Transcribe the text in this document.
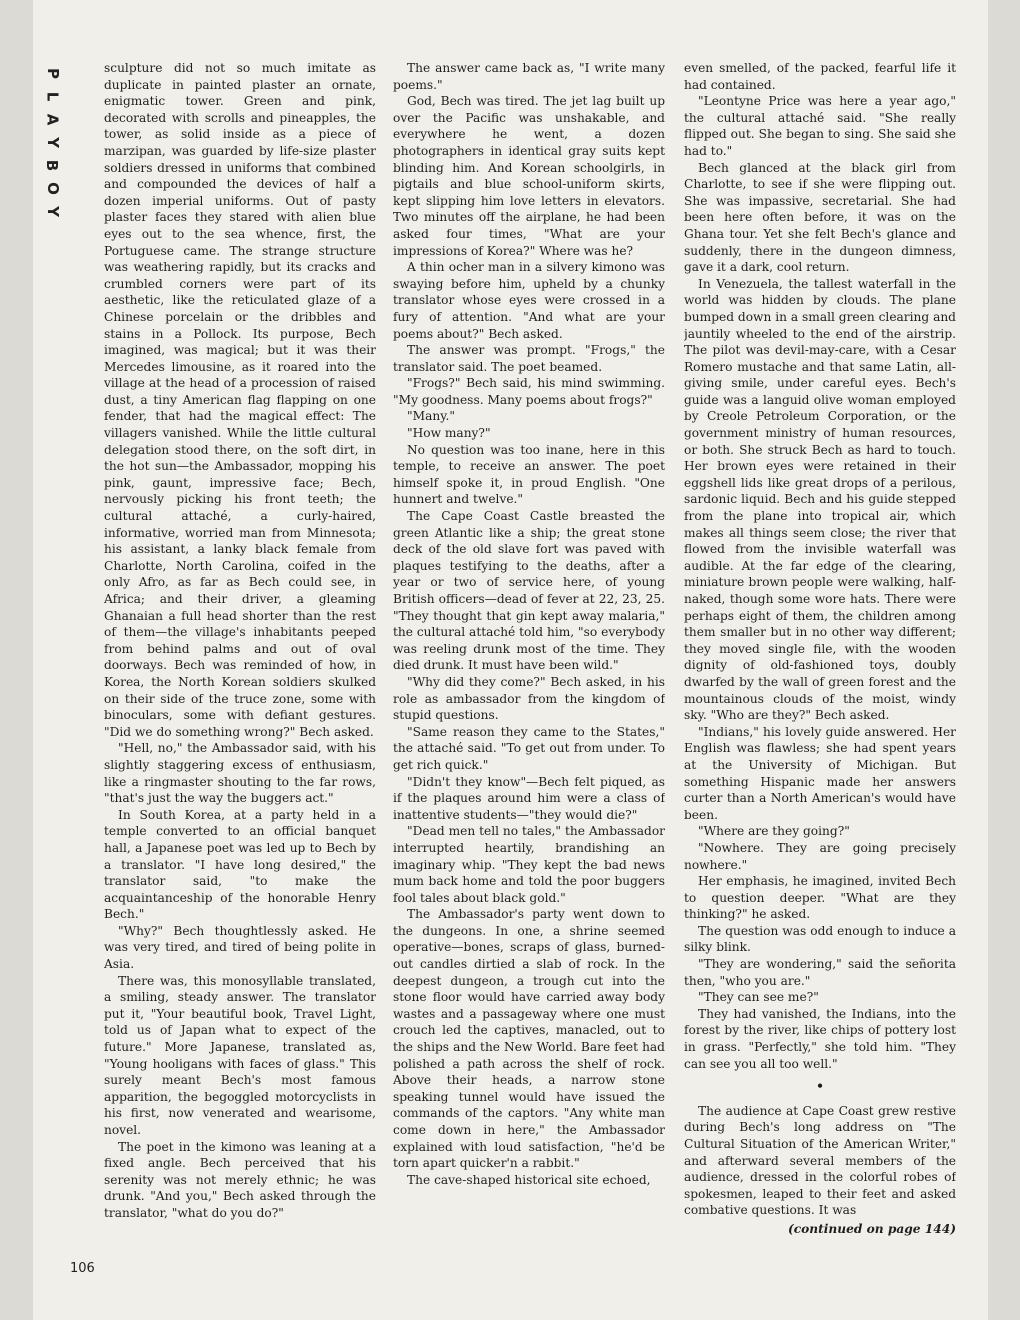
P
L
A
Y
B
O
Y
106

sculpture did not so much imitate as duplicate in painted plaster an ornate, enigmatic tower. Green and pink, decorated with scrolls and pineapples, the tower, as solid inside as a piece of marzipan, was guarded by life-size plaster soldiers dressed in uniforms that combined and compounded the devices of half a dozen imperial uniforms. Out of pasty plaster faces they stared with alien blue eyes out to the sea whence, first, the Portuguese came. The strange structure was weathering rapidly, but its cracks and crumbled corners were part of its aesthetic, like the reticulated glaze of a Chinese porcelain or the dribbles and stains in a Pollock. Its purpose, Bech imagined, was magical; but it was their Mercedes limousine, as it roared into the village at the head of a procession of raised dust, a tiny American flag flapping on one fender, that had the magical effect: The villagers vanished. While the little cultural delegation stood there, on the soft dirt, in the hot sun—the Ambassador, mopping his pink, gaunt, impressive face; Bech, nervously picking his front teeth; the cultural attaché, a curly-haired, informative, worried man from Minnesota; his assistant, a lanky black female from Charlotte, North Carolina, coifed in the only Afro, as far as Bech could see, in Africa; and their driver, a gleaming Ghanaian a full head shorter than the rest of them—the village's inhabitants peeped from behind palms and out of oval doorways. Bech was reminded of how, in Korea, the North Korean soldiers skulked on their side of the truce zone, some with binoculars, some with defiant gestures. "Did we do something wrong?" Bech asked.

"Hell, no," the Ambassador said, with his slightly staggering excess of enthusiasm, like a ringmaster shouting to the far rows, "that's just the way the buggers act."

In South Korea, at a party held in a temple converted to an official banquet hall, a Japanese poet was led up to Bech by a translator. "I have long desired," the translator said, "to make the acquaintanceship of the honorable Henry Bech."

"Why?" Bech thoughtlessly asked. He was very tired, and tired of being polite in Asia.

There was, this monosyllable translated, a smiling, steady answer. The translator put it, "Your beautiful book, Travel Light, told us of Japan what to expect of the future." More Japanese, translated as, "Young hooligans with faces of glass." This surely meant Bech's most famous apparition, the begoggled motorcyclists in his first, now venerated and wearisome, novel.

The poet in the kimono was leaning at a fixed angle. Bech perceived that his serenity was not merely ethnic; he was drunk. "And you," Bech asked through the translator, "what do you do?"

The answer came back as, "I write many poems."

God, Bech was tired. The jet lag built up over the Pacific was unshakable, and everywhere he went, a dozen photographers in identical gray suits kept blinding him. And Korean schoolgirls, in pigtails and blue school-uniform skirts, kept slipping him love letters in elevators. Two minutes off the airplane, he had been asked four times, "What are your impressions of Korea?" Where was he?

A thin ocher man in a silvery kimono was swaying before him, upheld by a chunky translator whose eyes were crossed in a fury of attention. "And what are your poems about?" Bech asked.

The answer was prompt. "Frogs," the translator said. The poet beamed.

"Frogs?" Bech said, his mind swimming. "My goodness. Many poems about frogs?"

"Many."

"How many?"

No question was too inane, here in this temple, to receive an answer. The poet himself spoke it, in proud English. "One hunnert and twelve."

The Cape Coast Castle breasted the green Atlantic like a ship; the great stone deck of the old slave fort was paved with plaques testifying to the deaths, after a year or two of service here, of young British officers—dead of fever at 22, 23, 25. "They thought that gin kept away malaria," the cultural attaché told him, "so everybody was reeling drunk most of the time. They died drunk. It must have been wild."

"Why did they come?" Bech asked, in his role as ambassador from the kingdom of stupid questions.

"Same reason they came to the States," the attaché said. "To get out from under. To get rich quick."

"Didn't they know"—Bech felt piqued, as if the plaques around him were a class of inattentive students—"they would die?"

"Dead men tell no tales," the Ambassador interrupted heartily, brandishing an imaginary whip. "They kept the bad news mum back home and told the poor buggers fool tales about black gold."

The Ambassador's party went down to the dungeons. In one, a shrine seemed operative—bones, scraps of glass, burned-out candles dirtied a slab of rock. In the deepest dungeon, a trough cut into the stone floor would have carried away body wastes and a passageway where one must crouch led the captives, manacled, out to the ships and the New World. Bare feet had polished a path across the shelf of rock. Above their heads, a narrow stone speaking tunnel would have issued the commands of the captors. "Any white man come down in here," the Ambassador explained with loud satisfaction, "he'd be torn apart quicker'n a rabbit."

The cave-shaped historical site echoed,

even smelled, of the packed, fearful life it had contained.

"Leontyne Price was here a year ago," the cultural attaché said. "She really flipped out. She began to sing. She said she had to."

Bech glanced at the black girl from Charlotte, to see if she were flipping out. She was impassive, secretarial. She had been here often before, it was on the Ghana tour. Yet she felt Bech's glance and suddenly, there in the dungeon dimness, gave it a dark, cool return.

In Venezuela, the tallest waterfall in the world was hidden by clouds. The plane bumped down in a small green clearing and jauntily wheeled to the end of the airstrip. The pilot was devil-may-care, with a Cesar Romero mustache and that same Latin, all-giving smile, under careful eyes. Bech's guide was a languid olive woman employed by Creole Petroleum Corporation, or the government ministry of human resources, or both. She struck Bech as hard to touch. Her brown eyes were retained in their eggshell lids like great drops of a perilous, sardonic liquid. Bech and his guide stepped from the plane into tropical air, which makes all things seem close; the river that flowed from the invisible waterfall was audible. At the far edge of the clearing, miniature brown people were walking, half-naked, though some wore hats. There were perhaps eight of them, the children among them smaller but in no other way different; they moved single file, with the wooden dignity of old-fashioned toys, doubly dwarfed by the wall of green forest and the mountainous clouds of the moist, windy sky. "Who are they?" Bech asked.

"Indians," his lovely guide answered. Her English was flawless; she had spent years at the University of Michigan. But something Hispanic made her answers curter than a North American's would have been.

"Where are they going?"

"Nowhere. They are going precisely nowhere."

Her emphasis, he imagined, invited Bech to question deeper. "What are they thinking?" he asked.

The question was odd enough to induce a silky blink.

"They are wondering," said the señorita then, "who you are."

"They can see me?"

They had vanished, the Indians, into the forest by the river, like chips of pottery lost in grass. "Perfectly," she told him. "They can see you all too well."

•

The audience at Cape Coast grew restive during Bech's long address on "The Cultural Situation of the American Writer," and afterward several members of the audience, dressed in the colorful robes of spokesmen, leaped to their feet and asked combative questions. It was

(continued on page 144)
